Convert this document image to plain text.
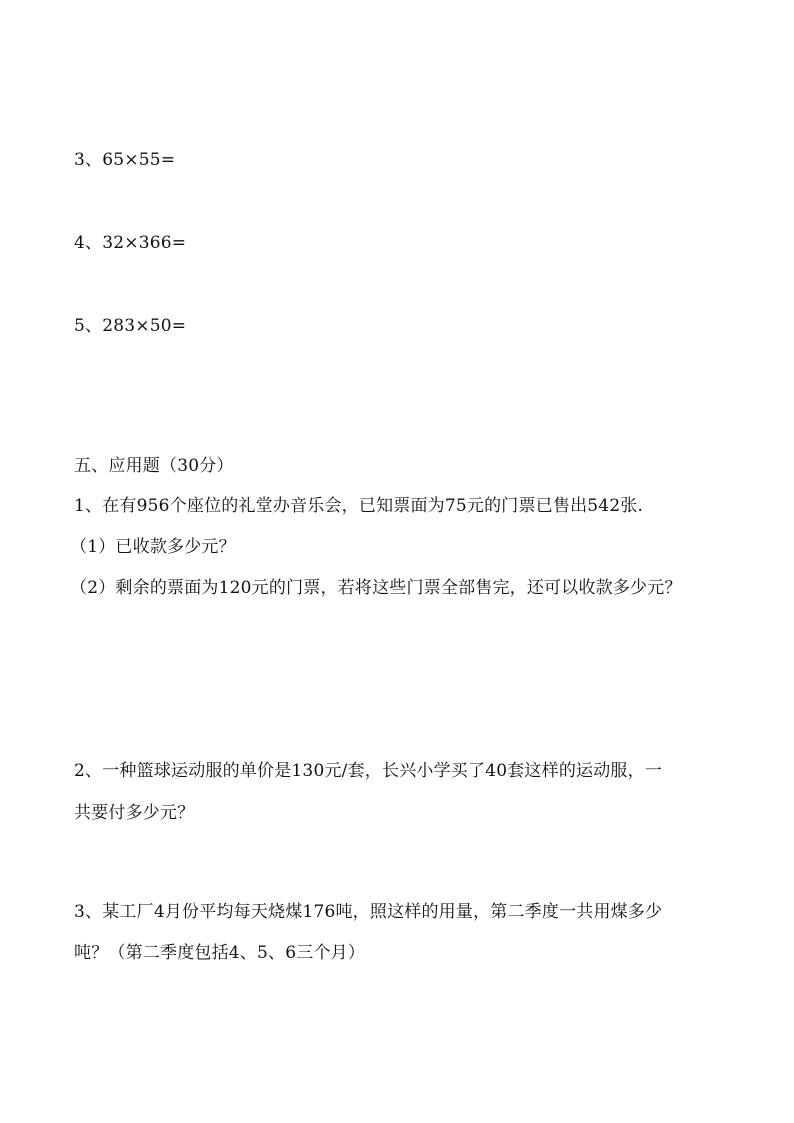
3、65×55=
4、32×366=
5、283×50=
五、应用题（30分）
1、在有956个座位的礼堂办音乐会，已知票面为75元的门票已售出542张.
（1）已收款多少元？
（2）剩余的票面为120元的门票，若将这些门票全部售完，还可以收款多少元？
2、一种篮球运动服的单价是130元/套，长兴小学买了40套这样的运动服，一
共要付多少元？
3、某工厂4月份平均每天烧煤176吨，照这样的用量，第二季度一共用煤多少
吨？（第二季度包括4、5、6三个月）
